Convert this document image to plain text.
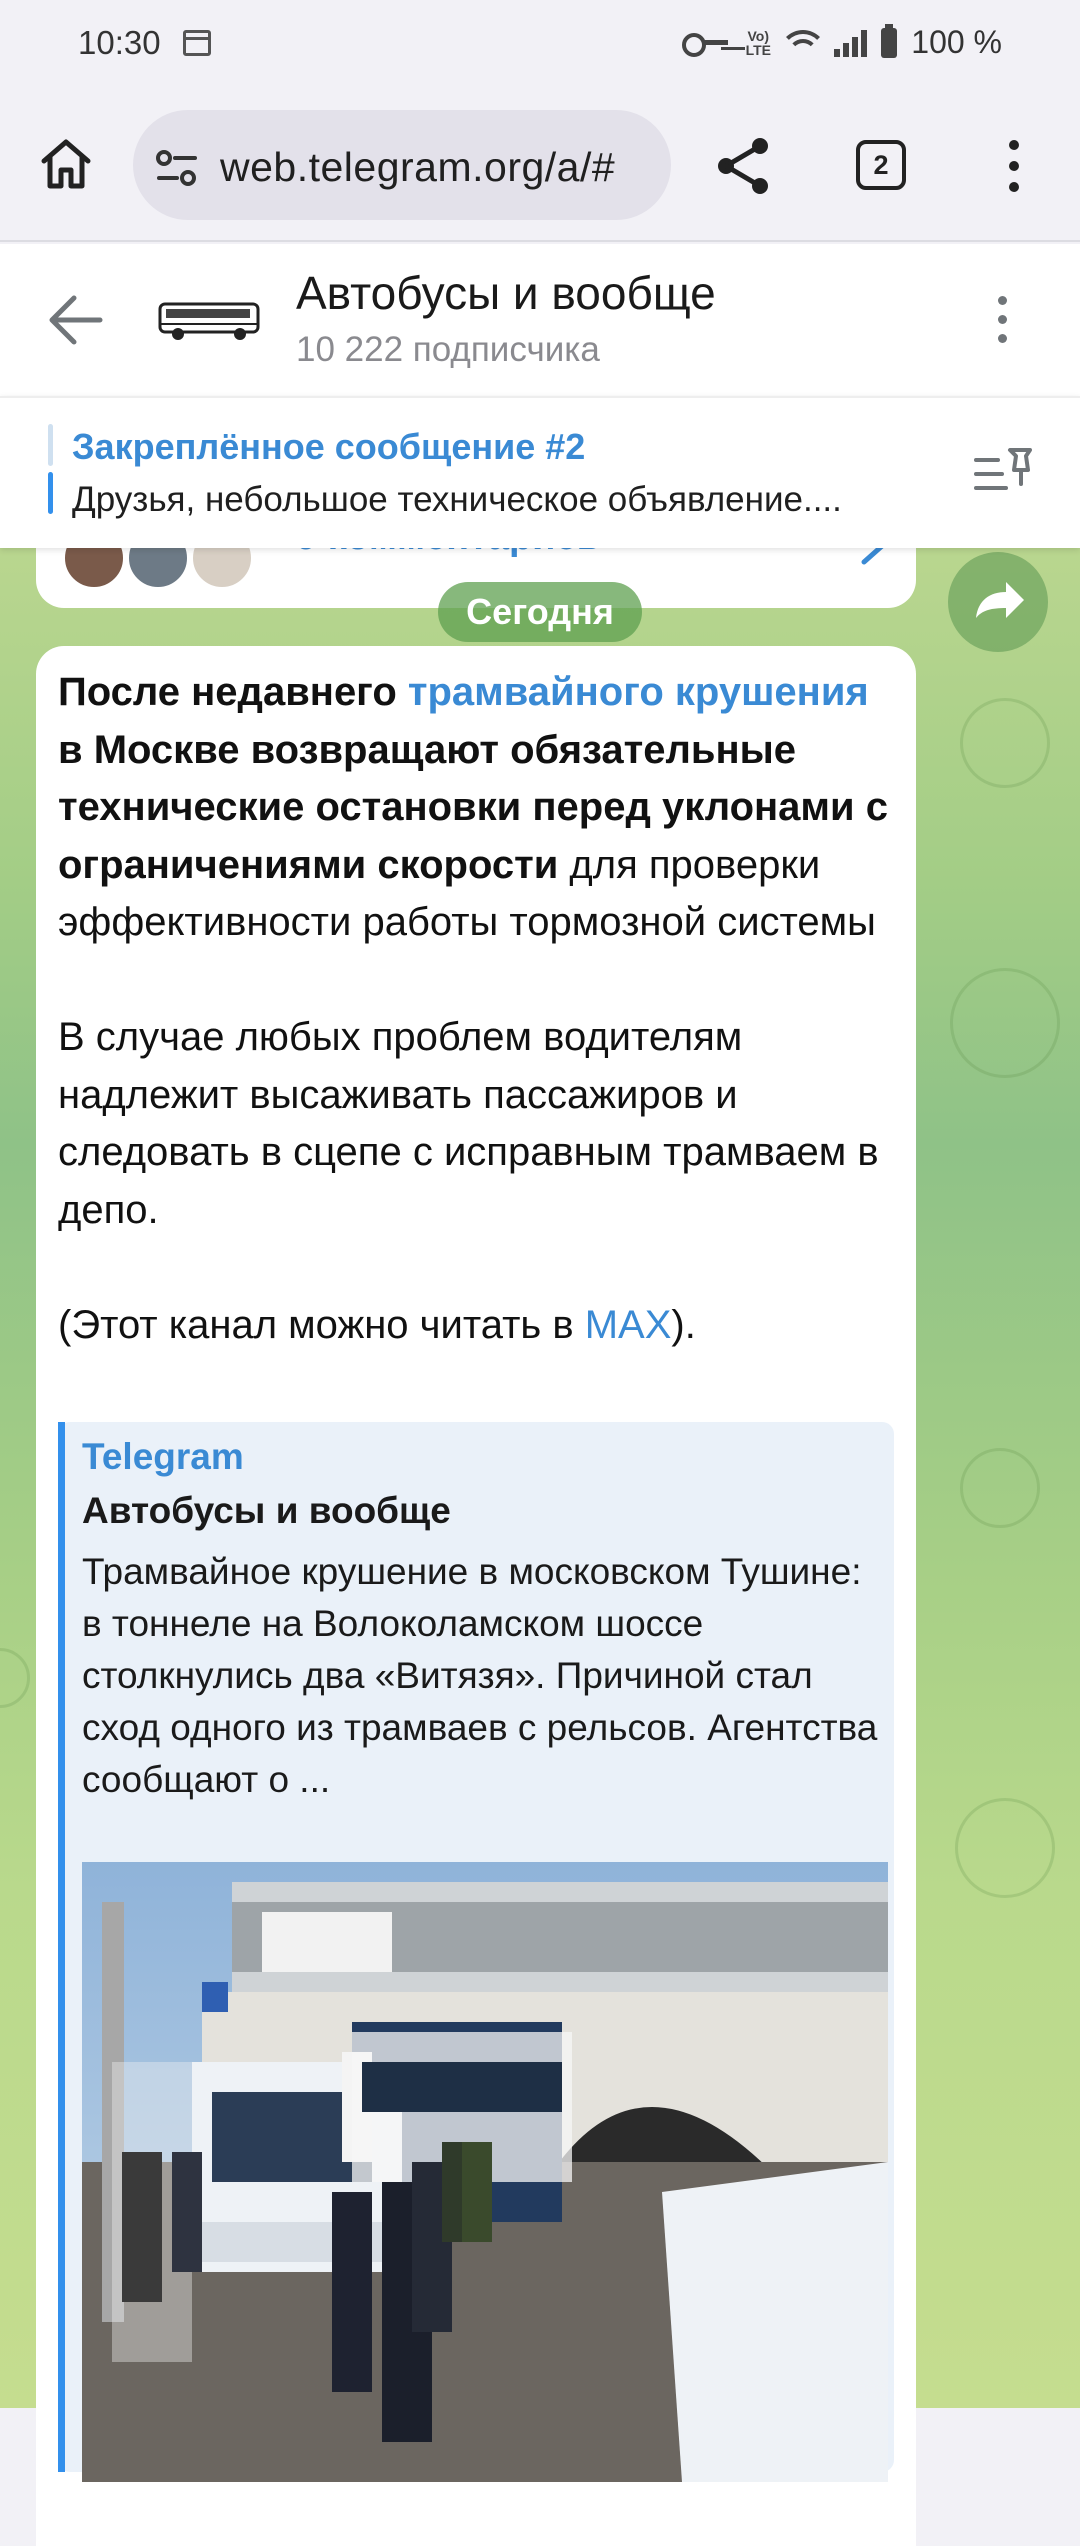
10:30	Vo) LTE	100 %
web.telegram.org/a/#	2
Автобусы и вообще
10 222 подписчика
Закреплённое сообщение #2
Друзья, небольшое техническое объявление....
Сегодня
После недавнего трамвайного крушения в Москве возвращают обязательные технические остановки перед уклонами с ограничениями скорости для проверки эффективности работы тормозной системы
В случае любых проблем водителям надлежит высаживать пассажиров и следовать в сцепе с исправным трамваем в депо.
(Этот канал можно читать в MAX).
Telegram
Автобусы и вообще
Трамвайное крушение в московском Тушине: в тоннеле на Волоколамском шоссе столкнулись два «Витязя». Причиной стал сход одного из трамваев с рельсов. Агентства сообщают о ...
